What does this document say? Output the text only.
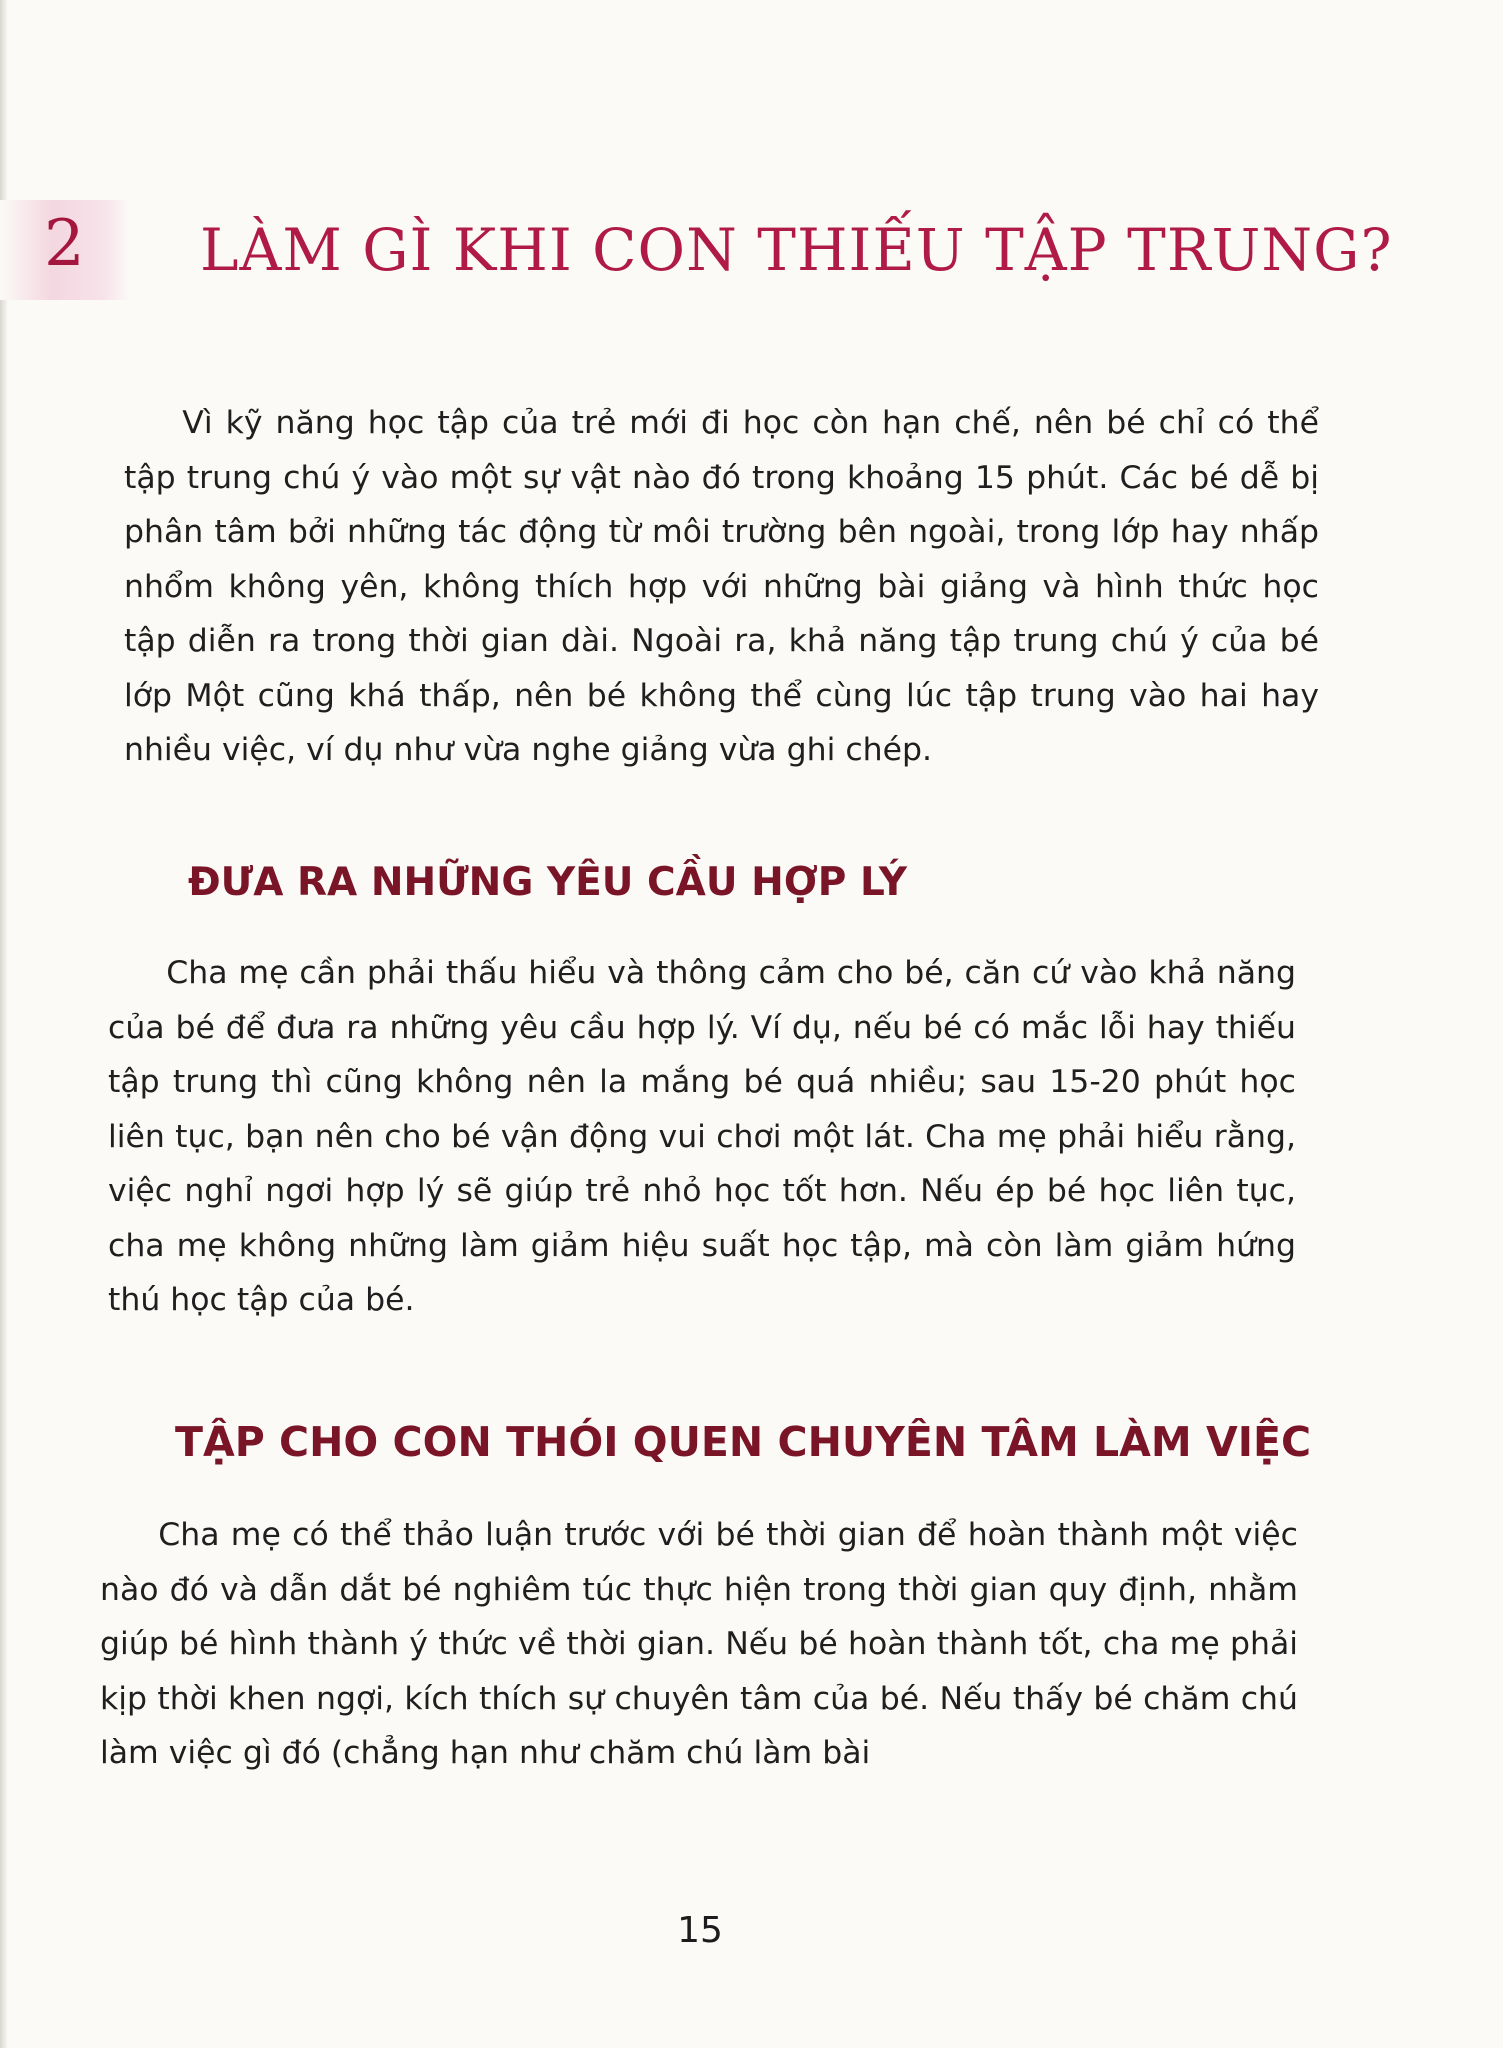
2 LÀM GÌ KHI CON THIẾU TẬP TRUNG?

Vì kỹ năng học tập của trẻ mới đi học còn hạn chế, nên bé chỉ có thể tập trung chú ý vào một sự vật nào đó trong khoảng 15 phút. Các bé dễ bị phân tâm bởi những tác động từ môi trường bên ngoài, trong lớp hay nhấp nhổm không yên, không thích hợp với những bài giảng và hình thức học tập diễn ra trong thời gian dài. Ngoài ra, khả năng tập trung chú ý của bé lớp Một cũng khá thấp, nên bé không thể cùng lúc tập trung vào hai hay nhiều việc, ví dụ như vừa nghe giảng vừa ghi chép.

ĐƯA RA NHỮNG YÊU CẦU HỢP LÝ

Cha mẹ cần phải thấu hiểu và thông cảm cho bé, căn cứ vào khả năng của bé để đưa ra những yêu cầu hợp lý. Ví dụ, nếu bé có mắc lỗi hay thiếu tập trung thì cũng không nên la mắng bé quá nhiều; sau 15-20 phút học liên tục, bạn nên cho bé vận động vui chơi một lát. Cha mẹ phải hiểu rằng, việc nghỉ ngơi hợp lý sẽ giúp trẻ nhỏ học tốt hơn. Nếu ép bé học liên tục, cha mẹ không những làm giảm hiệu suất học tập, mà còn làm giảm hứng thú học tập của bé.

TẬP CHO CON THÓI QUEN CHUYÊN TÂM LÀM VIỆC

Cha mẹ có thể thảo luận trước với bé thời gian để hoàn thành một việc nào đó và dẫn dắt bé nghiêm túc thực hiện trong thời gian quy định, nhằm giúp bé hình thành ý thức về thời gian. Nếu bé hoàn thành tốt, cha mẹ phải kịp thời khen ngợi, kích thích sự chuyên tâm của bé. Nếu thấy bé chăm chú làm việc gì đó (chẳng hạn như chăm chú làm bài

15
